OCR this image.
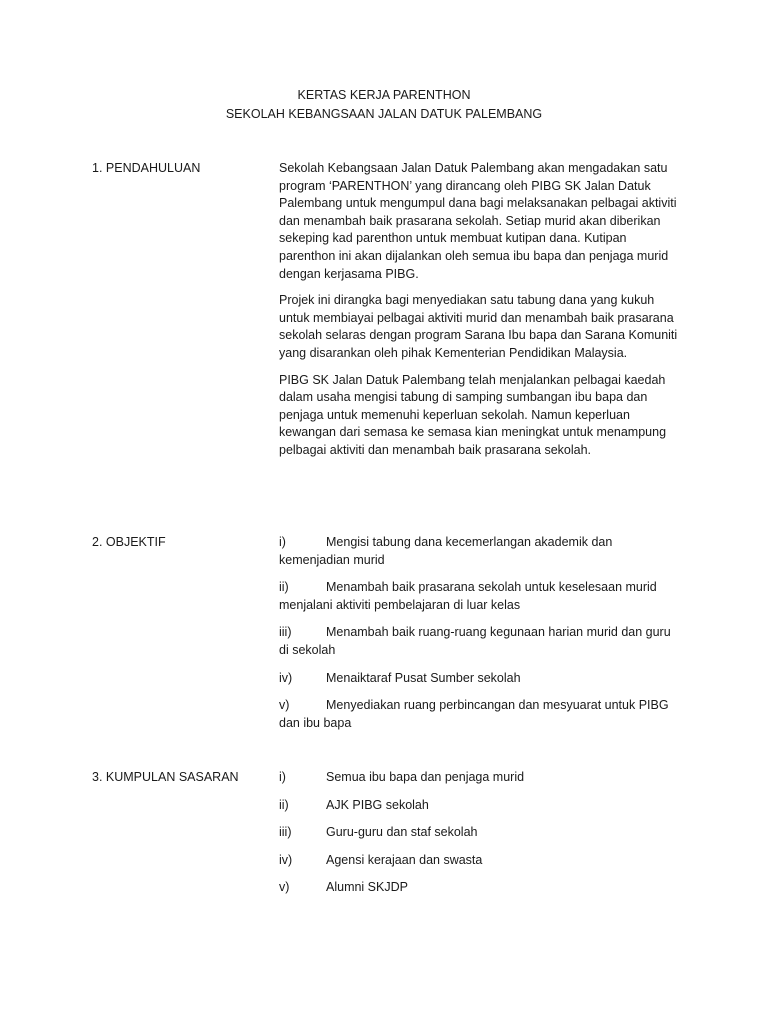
KERTAS KERJA PARENTHON
SEKOLAH KEBANGSAAN JALAN DATUK PALEMBANG
1. PENDAHULUAN	Sekolah Kebangsaan Jalan Datuk Palembang akan mengadakan satu program ‘PARENTHON’ yang dirancang oleh PIBG SK Jalan Datuk Palembang untuk mengumpul dana bagi melaksanakan pelbagai aktiviti dan menambah baik prasarana sekolah. Setiap murid akan diberikan sekeping kad parenthon untuk membuat kutipan dana. Kutipan parenthon ini akan dijalankan oleh semua ibu bapa dan penjaga murid dengan kerjasama PIBG.

Projek ini dirangka bagi menyediakan satu tabung dana yang kukuh untuk membiayai pelbagai aktiviti murid dan menambah baik prasarana sekolah selaras dengan program Sarana Ibu bapa dan Sarana Komuniti yang disarankan oleh pihak Kementerian Pendidikan Malaysia.

PIBG SK Jalan Datuk Palembang telah menjalankan pelbagai kaedah dalam usaha mengisi tabung di samping sumbangan ibu bapa dan penjaga untuk memenuhi keperluan sekolah. Namun keperluan kewangan dari semasa ke semasa kian meningkat untuk menampung pelbagai aktiviti dan menambah baik prasarana sekolah.

2. OBJEKTIF	i)	Mengisi tabung dana kecemerlangan akademik dan kemenjadian murid

ii)	Menambah baik prasarana sekolah untuk keselesaan murid menjalani aktiviti pembelajaran di luar kelas

iii)	Menambah baik ruang-ruang kegunaan harian murid dan guru di sekolah

iv)	Menaiktaraf Pusat Sumber sekolah

v)	Menyediakan ruang perbincangan dan mesyuarat untuk PIBG dan ibu bapa

3. KUMPULAN SASARAN	i)	Semua ibu bapa dan penjaga murid
ii)	AJK PIBG sekolah
iii)	Guru-guru dan staf sekolah
iv)	Agensi kerajaan dan swasta
v)	Alumni SKJDP
